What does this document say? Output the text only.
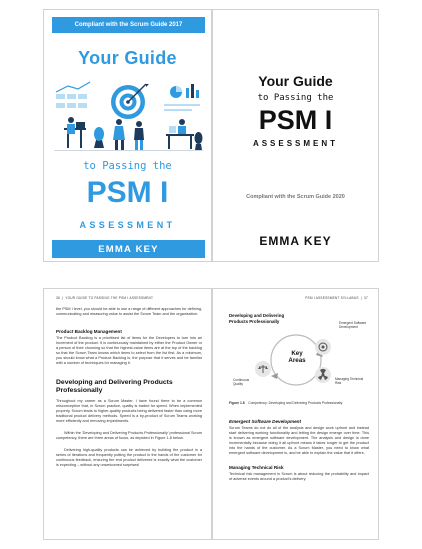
Compliant with the Scrum Guide 2017
Your Guide
to Passing the
PSM I
ASSESSMENT
EMMA KEY
Your Guide
to Passing the
PSM I
ASSESSMENT
Compliant with the Scrum Guide 2020
EMMA KEY
36  |  YOUR GUIDE TO PASSING THE PSM I ASSESSMENT
the PSM I level, you should be able to use a range of different approaches for defining, communicating and measuring value to assist the Scrum Team and the organisation.
Product Backlog Management
The Product Backlog is a prioritised list of items for the Developers to turn into an Increment of the product. It is continuously maintained by either the Product Owner or a person of their choosing so that the highest-value items are at the top of the backlog so that the Scrum Team knows which items to select from the list first. As a minimum, you should know what a Product Backlog is, the purpose that it serves and be familiar with a number of techniques for managing it.
Developing and Delivering Products Professionally
Throughout my career as a Scrum Master, I have found there to be a common misconception that, in Scrum practice, quality is traded for speed. When implemented properly, Scrum leads to higher-quality products being delivered faster than using more traditional product delivery methods. Speed is a by-product of Scrum Teams working more efficiently and removing impediments.
Within the 'Developing and Delivering Products Professionally' professional Scrum competency, there are three areas of focus, as depicted in Figure 1.8 below.
Delivering high-quality products can be achieved by building the product in a series of iterations and frequently putting the product in the hands of the customer for continuous feedback, ensuring the end product delivered is exactly what the customer is expecting – without any unwelcomed surprises!
PSM I ASSESSMENT SYLLABUS  |  37
Developing and Delivering Products Professionally
Key Areas
Emergent Software Development
Continuous Quality
Managing Technical Risk
Figure 1.8 Competency: Developing and Delivering Products Professionally
Emergent Software Development
Scrum Teams do not do all of the analysis and design work upfront and instead start delivering working functionality and letting the design emerge over time. This is known as emergent software development. The analysis and design is done incrementally because doing it all upfront means it takes longer to get the product into the hands of the customer. As a Scrum Master, you need to know what emergent software development is, and be able to explain the value that it offers.
Managing Technical Risk
Technical risk management in Scrum is about reducing the probability and impact of adverse events around a product's delivery.
